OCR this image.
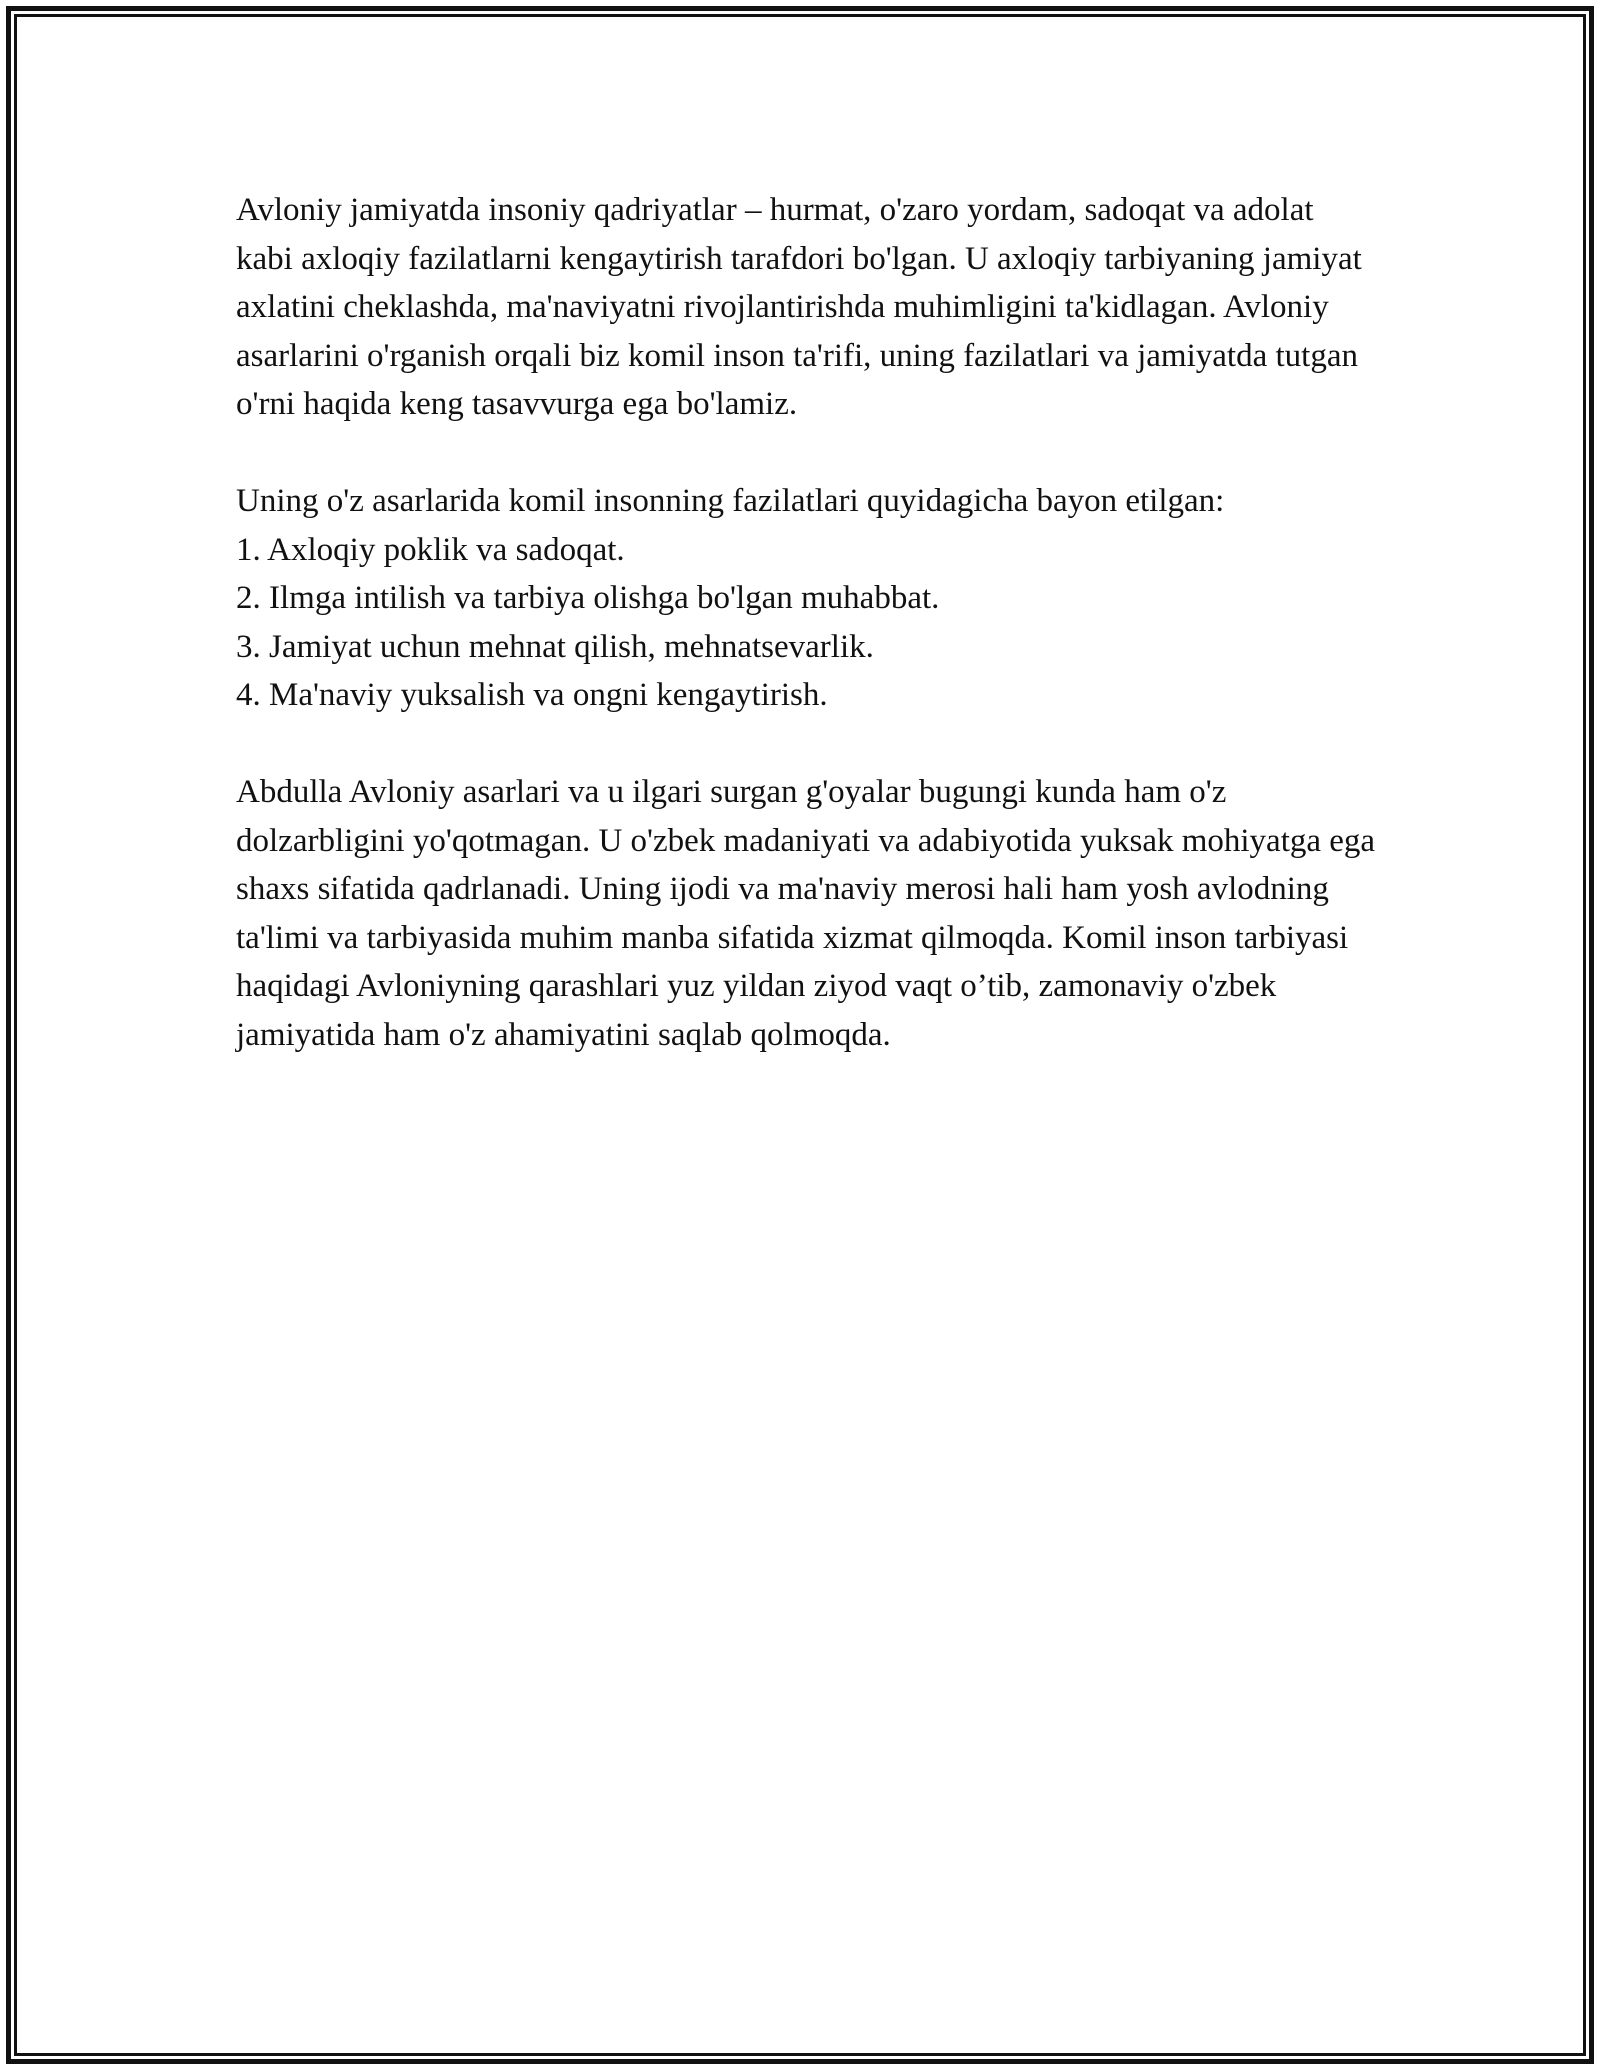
Avloniy jamiyatda insoniy qadriyatlar – hurmat, o'zaro yordam, sadoqat va adolat kabi axloqiy fazilatlarni kengaytirish tarafdori bo'lgan. U axloqiy tarbiyaning jamiyat axlatini cheklashda, ma'naviyatni rivojlantirishda muhimligini ta'kidlagan. Avloniy asarlarini o'rganish orqali biz komil inson ta'rifi, uning fazilatlari va jamiyatda tutgan o'rni haqida keng tasavvurga ega bo'lamiz.

Uning o'z asarlarida komil insonning fazilatlari quyidagicha bayon etilgan:

1. Axloqiy poklik va sadoqat.
2. Ilmga intilish va tarbiya olishga bo'lgan muhabbat.
3. Jamiyat uchun mehnat qilish, mehnatsevarlik.
4. Ma'naviy yuksalish va ongni kengaytirish.

Abdulla Avloniy asarlari va u ilgari surgan g'oyalar bugungi kunda ham o'z dolzarbligini yo'qotmagan. U o'zbek madaniyati va adabiyotida yuksak mohiyatga ega shaxs sifatida qadrlanadi. Uning ijodi va ma'naviy merosi hali ham yosh avlodning ta'limi va tarbiyasida muhim manba sifatida xizmat qilmoqda. Komil inson tarbiyasi haqidagi Avloniyning qarashlari yuz yildan ziyod vaqt o’tib, zamonaviy o'zbek jamiyatida ham o'z ahamiyatini saqlab qolmoqda.
